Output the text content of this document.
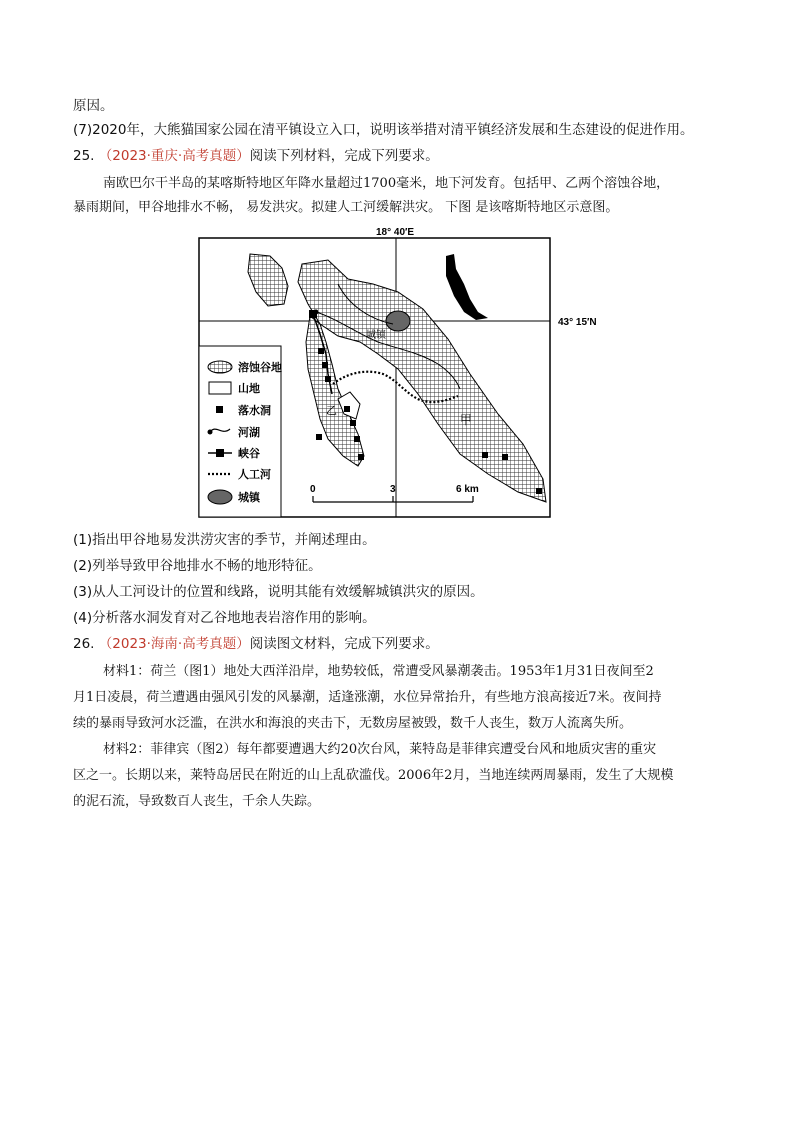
原因。
(7)2020年，大熊猫国家公园在清平镇设立入口，说明该举措对清平镇经济发展和生态建设的促进作用。
25. （2023·重庆·高考真题）阅读下列材料，完成下列要求。
南欧巴尔干半岛的某喀斯特地区年降水量超过1700毫米，地下河发育。包括甲、乙两个溶蚀谷地，
暴雨期间，甲谷地排水不畅， 易发洪灾。拟建人工河缓解洪灾。 下图 是该喀斯特地区示意图。
18° 40′E
43° 15′N
城镇
甲
乙
溶蚀谷地
山地
落水洞
河湖
峡谷
人工河
城镇
0	3	6 km
(1)指出甲谷地易发洪涝灾害的季节，并阐述理由。
(2)列举导致甲谷地排水不畅的地形特征。
(3)从人工河设计的位置和线路，说明其能有效缓解城镇洪灾的原因。
(4)分析落水洞发育对乙谷地地表岩溶作用的影响。
26. （2023·海南·高考真题）阅读图文材料，完成下列要求。
材料1：荷兰（图1）地处大西洋沿岸，地势较低，常遭受风暴潮袭击。1953年1月31日夜间至2
月1日凌晨，荷兰遭遇由强风引发的风暴潮，适逢涨潮，水位异常抬升，有些地方浪高接近7米。夜间持
续的暴雨导致河水泛滥，在洪水和海浪的夹击下，无数房屋被毁，数千人丧生，数万人流离失所。
材料2：菲律宾（图2）每年都要遭遇大约20次台风，莱特岛是菲律宾遭受台风和地质灾害的重灾
区之一。长期以来，莱特岛居民在附近的山上乱砍滥伐。2006年2月，当地连续两周暴雨，发生了大规模
的泥石流，导致数百人丧生，千余人失踪。
